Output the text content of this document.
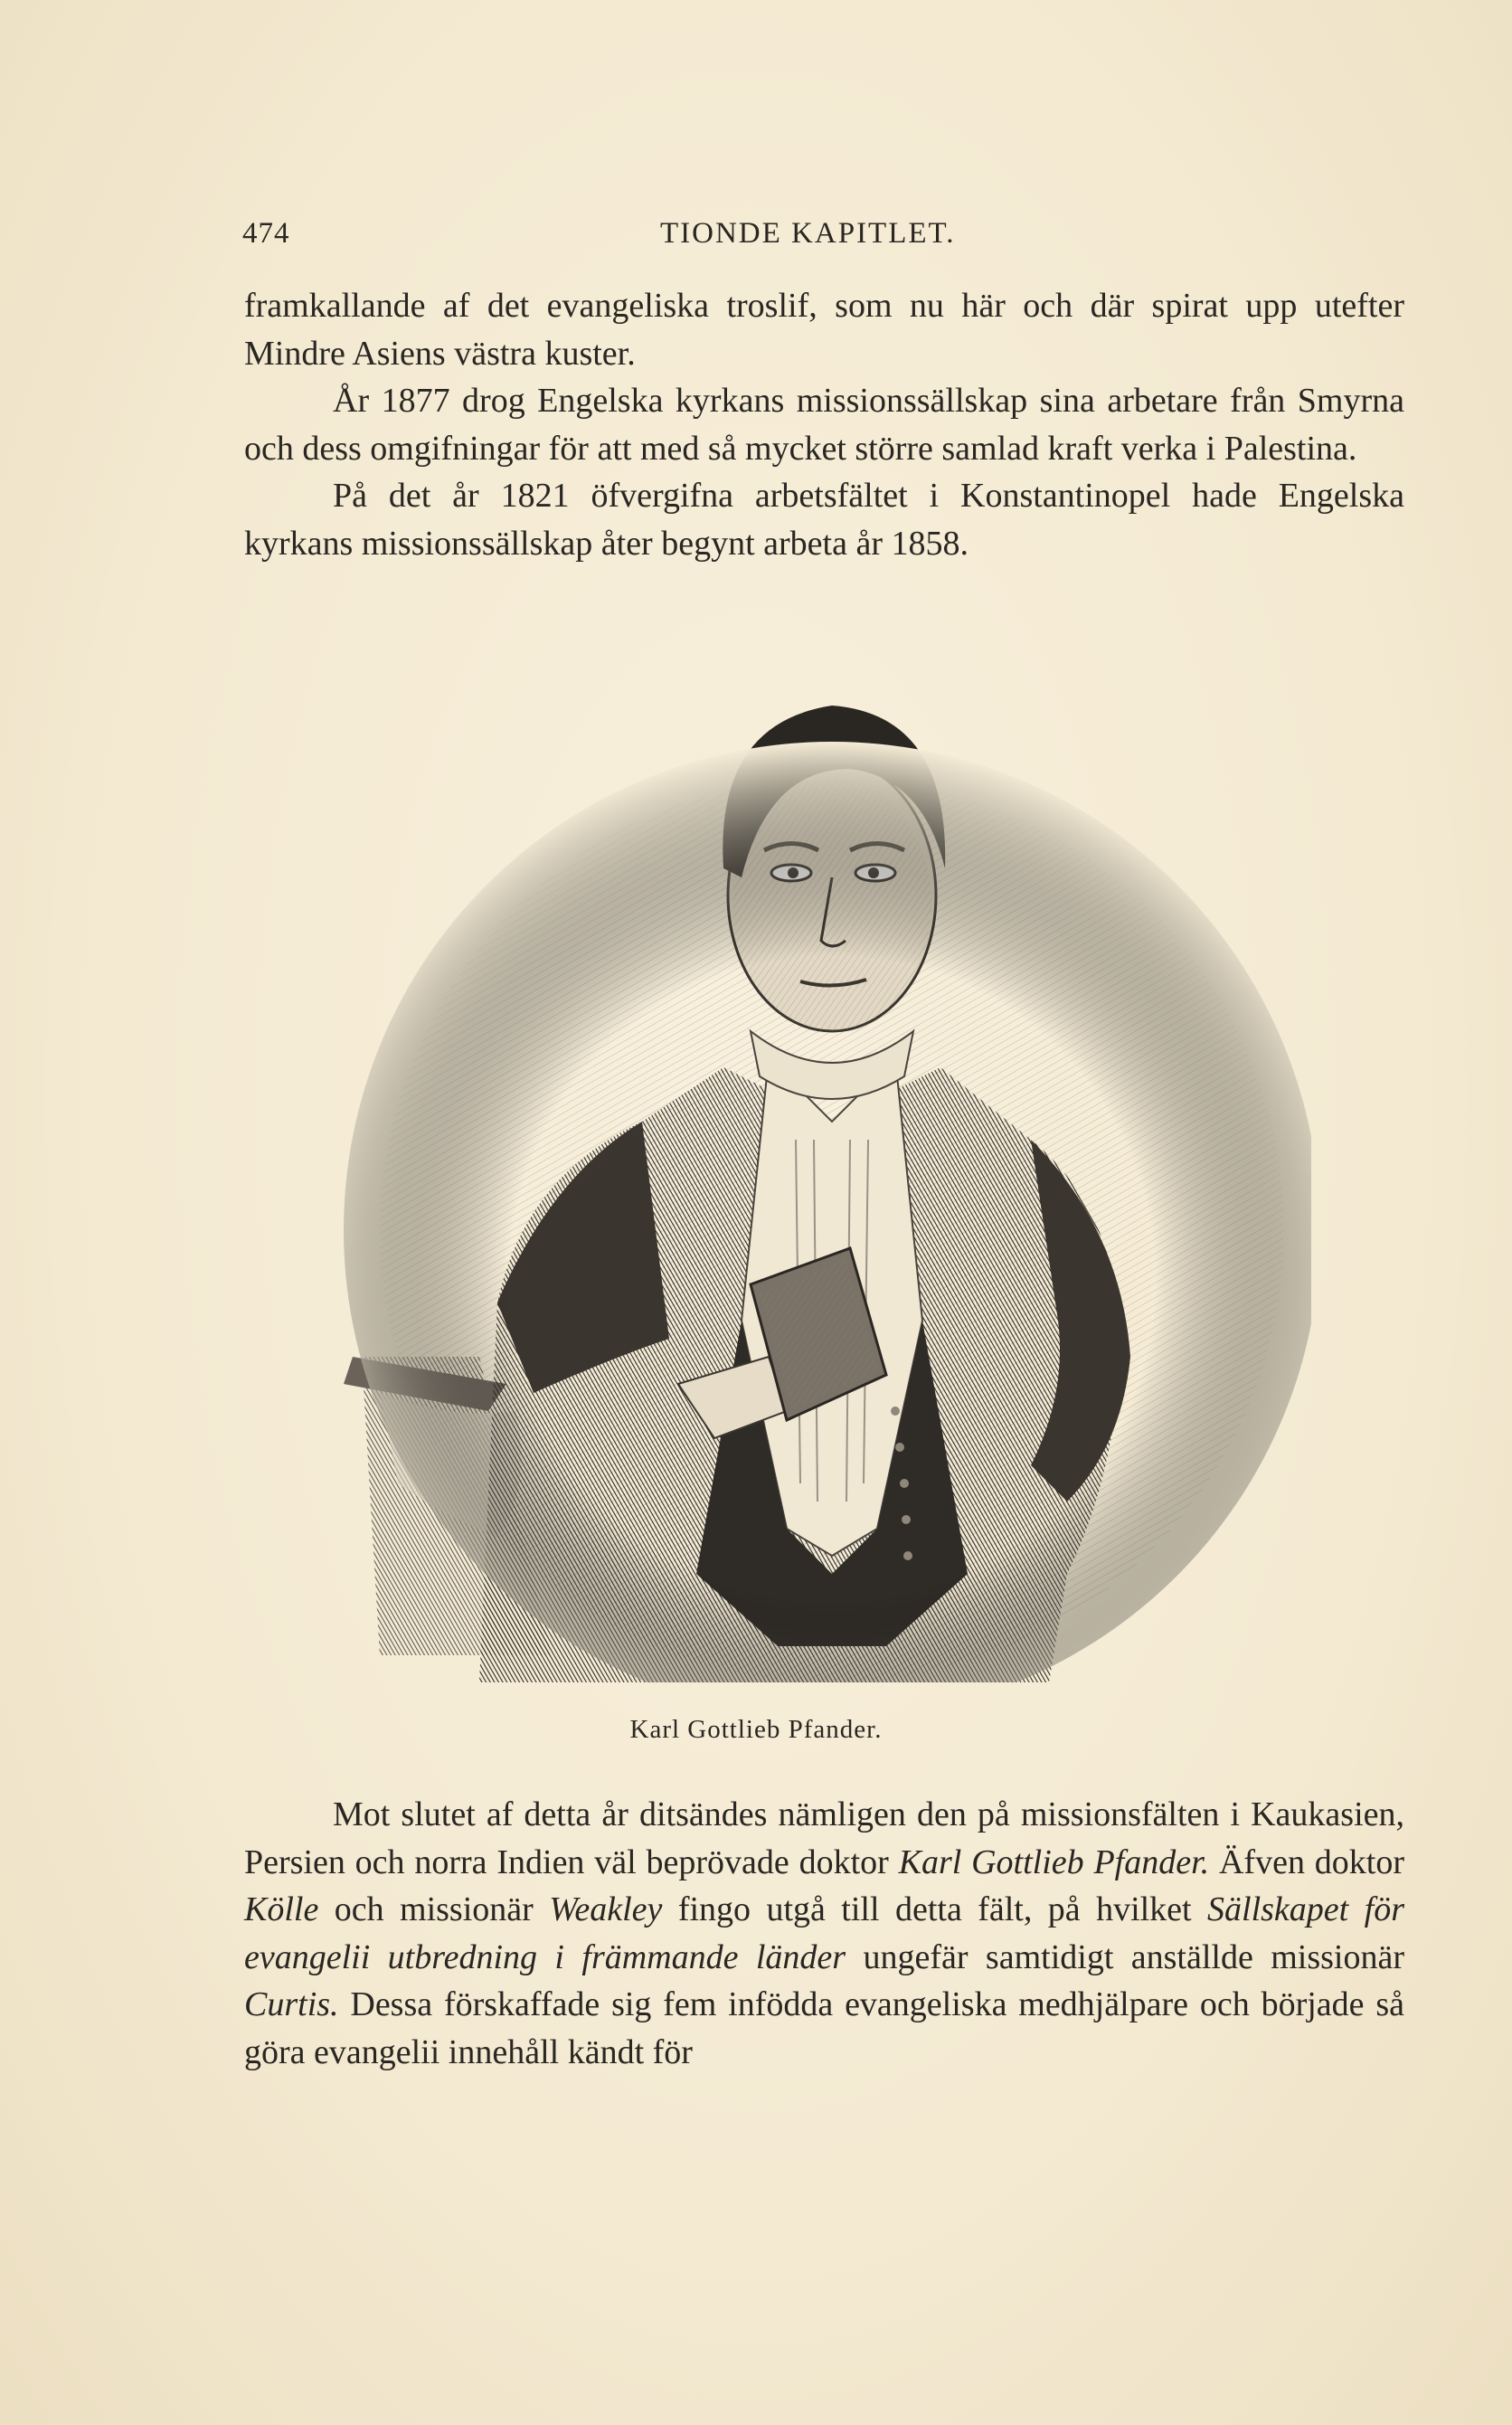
474	TIONDE KAPITLET.

framkallande af det evangeliska troslif, som nu här och där spirat upp utefter Mindre Asiens västra kuster.

År 1877 drog Engelska kyrkans missionssällskap sina arbetare från Smyrna och dess omgifningar för att med så mycket större samlad kraft verka i Palestina.

På det år 1821 öfvergifna arbetsfältet i Konstantinopel hade Engelska kyrkans missionssällskap åter begynt arbeta år 1858.

Karl Gottlieb Pfander.

Mot slutet af detta år ditsändes nämligen den på missionsfälten i Kaukasien, Persien och norra Indien väl beprövade doktor Karl Gottlieb Pfander. Äfven doktor Kölle och missionär Weakley fingo utgå till detta fält, på hvilket Sällskapet för evangelii utbredning i främmande länder ungefär samtidigt anställde missionär Curtis. Dessa förskaffade sig fem infödda evangeliska medhjälpare och började så göra evangelii innehåll kändt för
